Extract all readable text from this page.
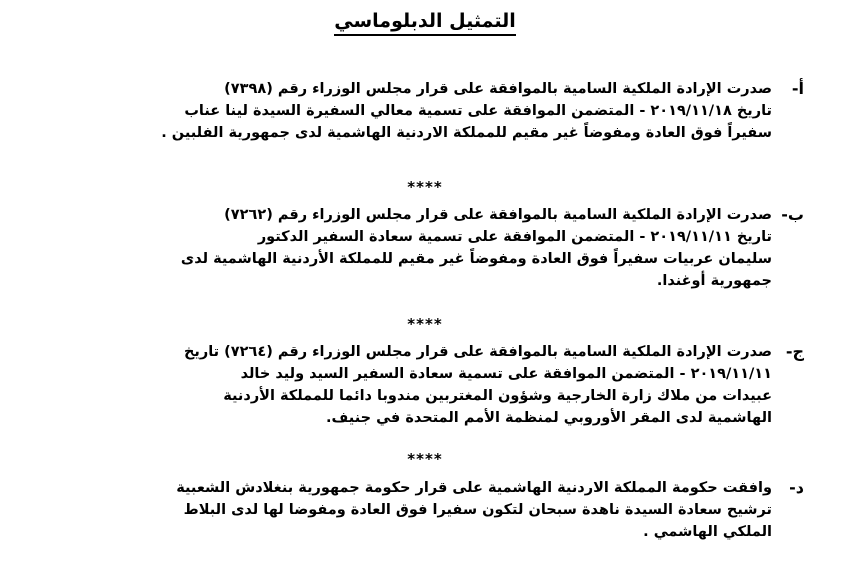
التمثيل الدبلوماسي
أ-
صدرت الإرادة الملكية السامية بالموافقة على قرار مجلس الوزراء رقم (٧٣٩٨)
تاريخ ٢٠١٩/١١/١٨ - المتضمن الموافقة على تسمية معالي السفيرة السيدة لينا عناب
سفيراً فوق العادة ومفوضاً غير مقيم للمملكة الاردنية الهاشمية لدى جمهورية الفلبين .
****
ب-
صدرت الإرادة الملكية السامية بالموافقة على قرار مجلس الوزراء رقم (٧٢٦٢)
تاريخ ٢٠١٩/١١/١١ - المتضمن الموافقة على تسمية سعادة السفير الدكتور
سليمان عربيات سفيراً فوق العادة ومفوضاً غير مقيم للمملكة الأردنية الهاشمية لدى
جمهورية أوغندا.
****
ج-
صدرت الإرادة الملكية السامية بالموافقة على قرار مجلس الوزراء رقم (٧٢٦٤) تاريخ
٢٠١٩/١١/١١ - المتضمن الموافقة على تسمية سعادة السفير السيد وليد خالد
عبيدات من ملاك زارة الخارجية وشؤون المغتربين مندوبا دائما للمملكة الأردنية
الهاشمية لدى المقر الأوروبي لمنظمة الأمم المتحدة في جنيف.
****
د-
وافقت حكومة المملكة الاردنية الهاشمية على قرار حكومة جمهورية بنغلادش الشعبية
ترشيح سعادة السيدة ناهدة سبحان لتكون سفيرا فوق العادة ومفوضا لها لدى البلاط
الملكي الهاشمي .
